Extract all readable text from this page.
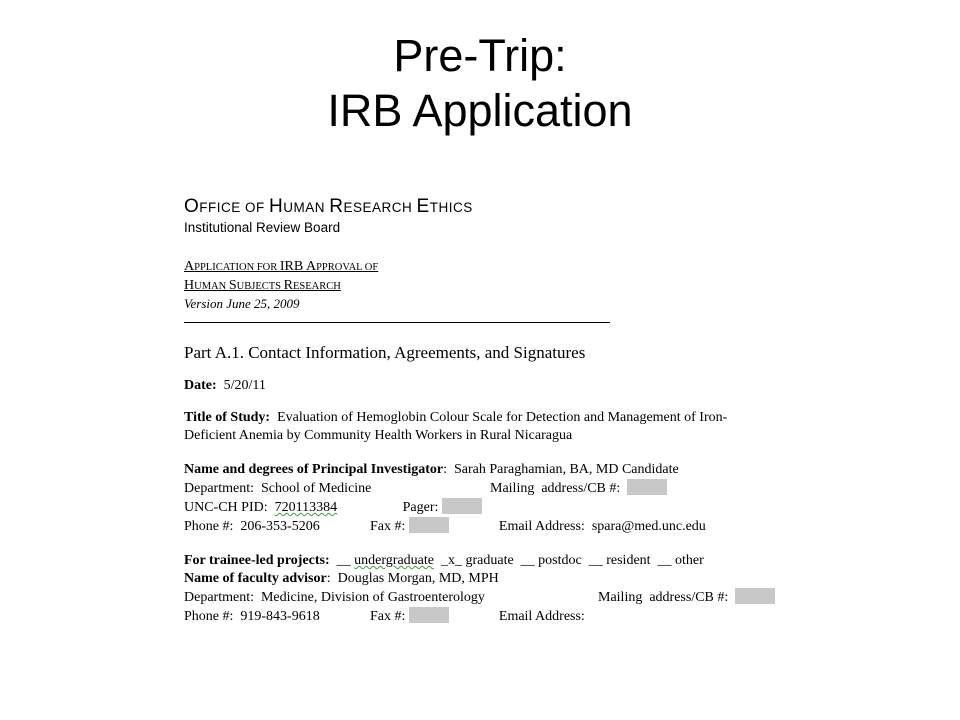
Pre-Trip:
IRB Application
OFFICE OF HUMAN RESEARCH ETHICS
Institutional Review Board
APPLICATION FOR IRB APPROVAL OF
HUMAN SUBJECTS RESEARCH
Version June 25, 2009
Part A.1. Contact Information, Agreements, and Signatures
Date: 5/20/11
Title of Study: Evaluation of Hemoglobin Colour Scale for Detection and Management of Iron-
Deficient Anemia by Community Health Workers in Rural Nicaragua
Name and degrees of Principal Investigator:  Sarah Paraghamian, BA, MD Candidate
Department:  School of Medicine	Mailing  address/CB #:
UNC-CH PID: 720113384	Pager:
Phone #: 206-353-5206	Fax #:	Email Address: spara@med.unc.edu
For trainee-led projects: __ undergraduate _x_ graduate  __ postdoc  __ resident  __ other
Name of faculty advisor:  Douglas Morgan, MD, MPH
Department:  Medicine, Division of Gastroenterology	Mailing  address/CB #:
Phone #: 919-843-9618	Fax #:	Email Address:
